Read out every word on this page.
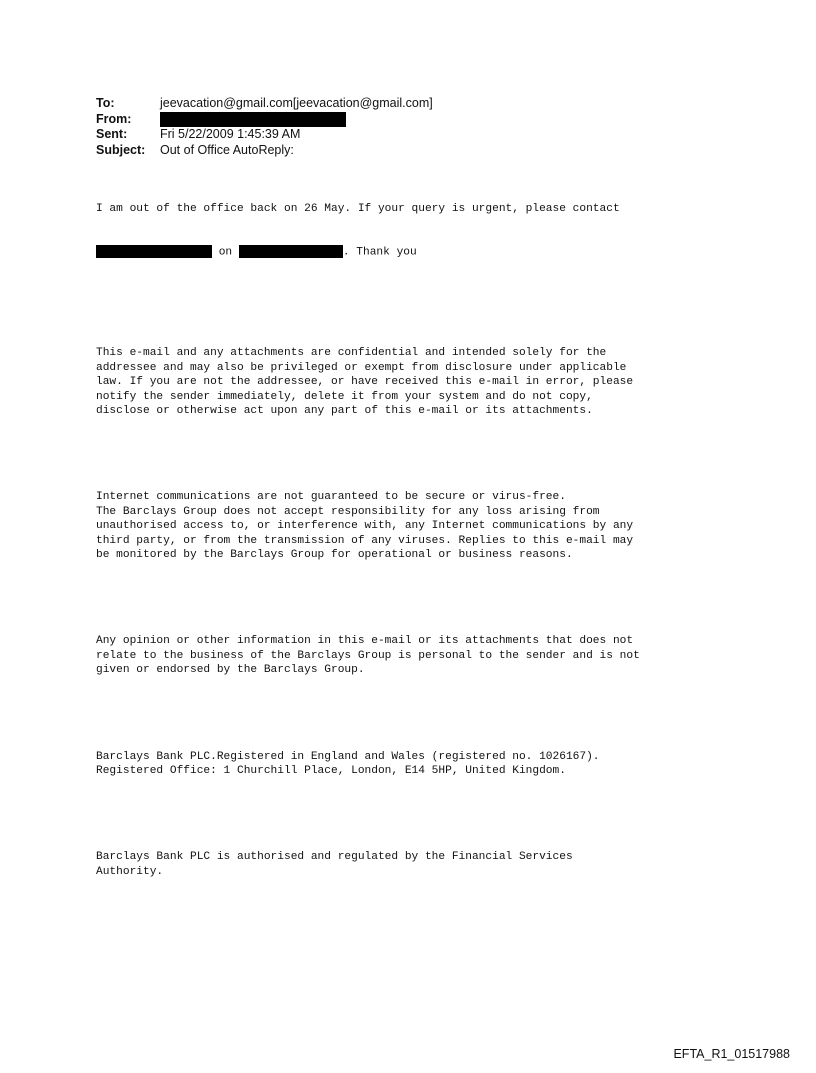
To:	jeevacation@gmail.com[jeevacation@gmail.com]
From:
Sent:	Fri 5/22/2009 1:45:39 AM
Subject:	Out of Office AutoReply:

I am out of the office back on 26 May. If your query is urgent, please contact

on	. Thank you

This e-mail and any attachments are confidential and intended solely for the
addressee and may also be privileged or exempt from disclosure under applicable
law. If you are not the addressee, or have received this e-mail in error, please
notify the sender immediately, delete it from your system and do not copy,
disclose or otherwise act upon any part of this e-mail or its attachments.

Internet communications are not guaranteed to be secure or virus-free.
The Barclays Group does not accept responsibility for any loss arising from
unauthorised access to, or interference with, any Internet communications by any
third party, or from the transmission of any viruses. Replies to this e-mail may
be monitored by the Barclays Group for operational or business reasons.

Any opinion or other information in this e-mail or its attachments that does not
relate to the business of the Barclays Group is personal to the sender and is not
given or endorsed by the Barclays Group.

Barclays Bank PLC.Registered in England and Wales (registered no. 1026167).
Registered Office: 1 Churchill Place, London, E14 5HP, United Kingdom.

Barclays Bank PLC is authorised and regulated by the Financial Services
Authority.

EFTA_R1_01517988
